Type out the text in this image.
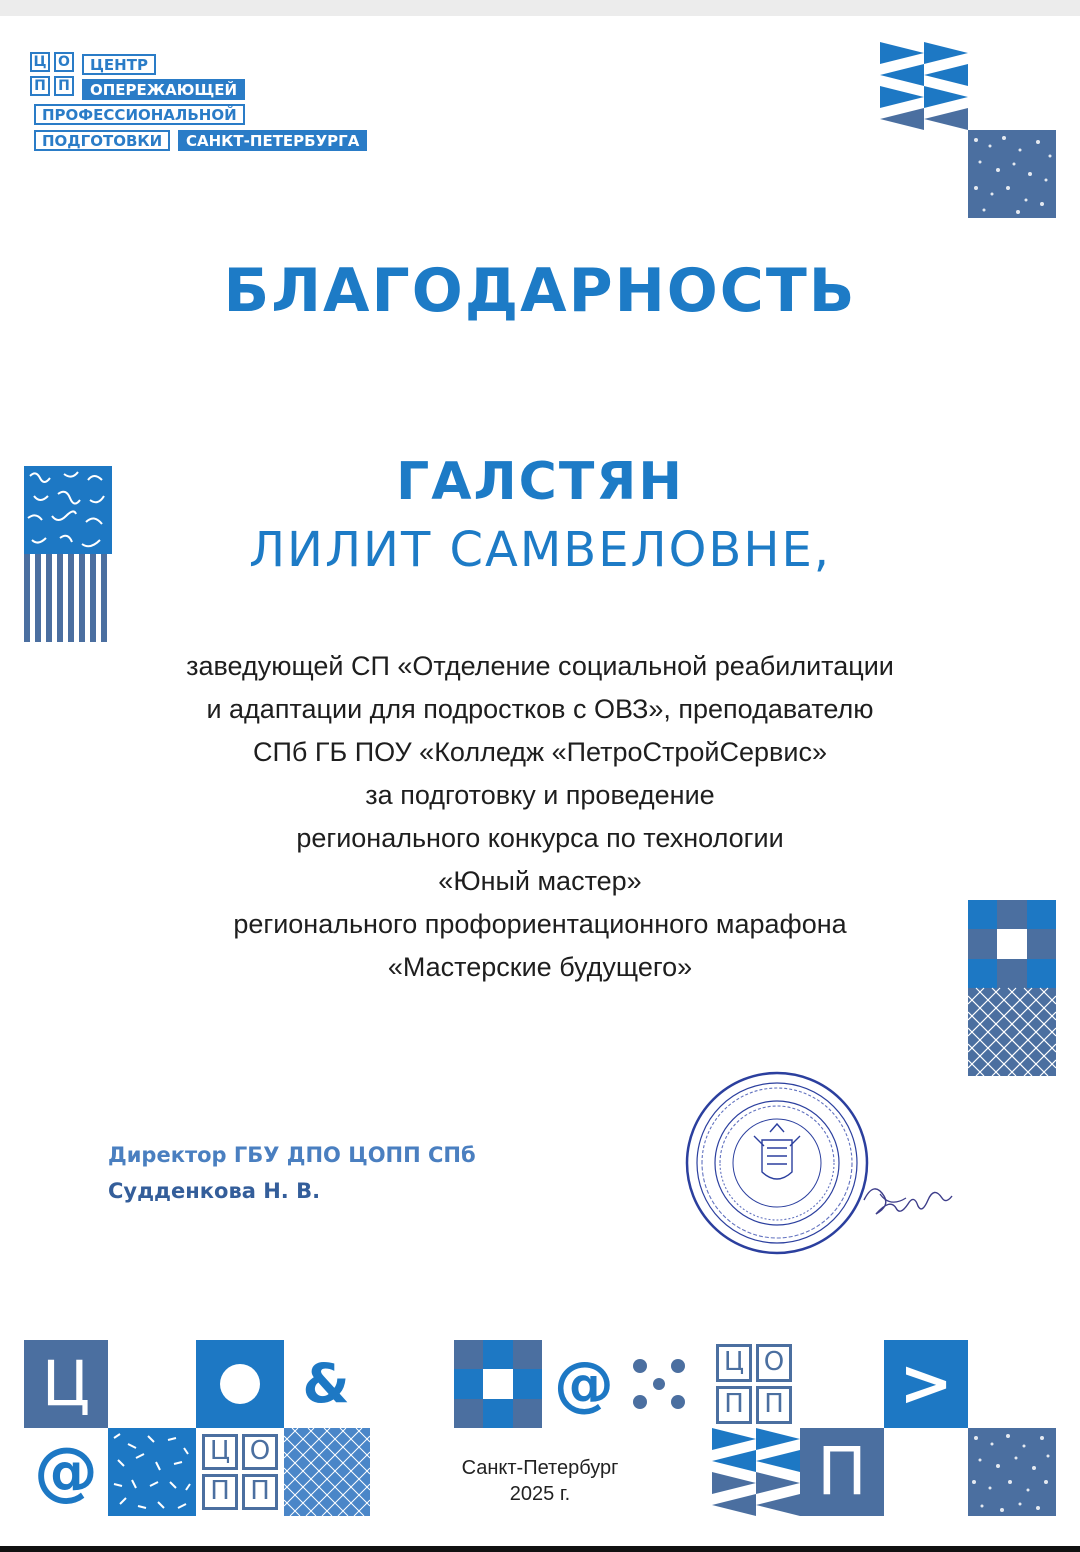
Ц О
П П
ЦЕНТР
ОПЕРЕЖАЮЩЕЙ
ПРОФЕССИОНАЛЬНОЙ
ПОДГОТОВКИ	САНКТ-ПЕТЕРБУРГА
БЛАГОДАРНОСТЬ
ГАЛСТЯН
ЛИЛИТ САМВЕЛОВНЕ,
заведующей СП «Отделение социальной реабилитации
и адаптации для подростков с ОВЗ», преподавателю
СПб ГБ ПОУ «Колледж «ПетроСтройСервис»
за подготовку и проведение
регионального конкурса по технологии
«Юный мастер»
регионального профориентационного марафона
«Мастерские будущего»
Директор ГБУ ДПО ЦОПП СПб
Судденкова Н. В.
Ц
@
&
Ц О
П П
@
Санкт-Петербург
2025 г.
Ц О
П П
П
>
